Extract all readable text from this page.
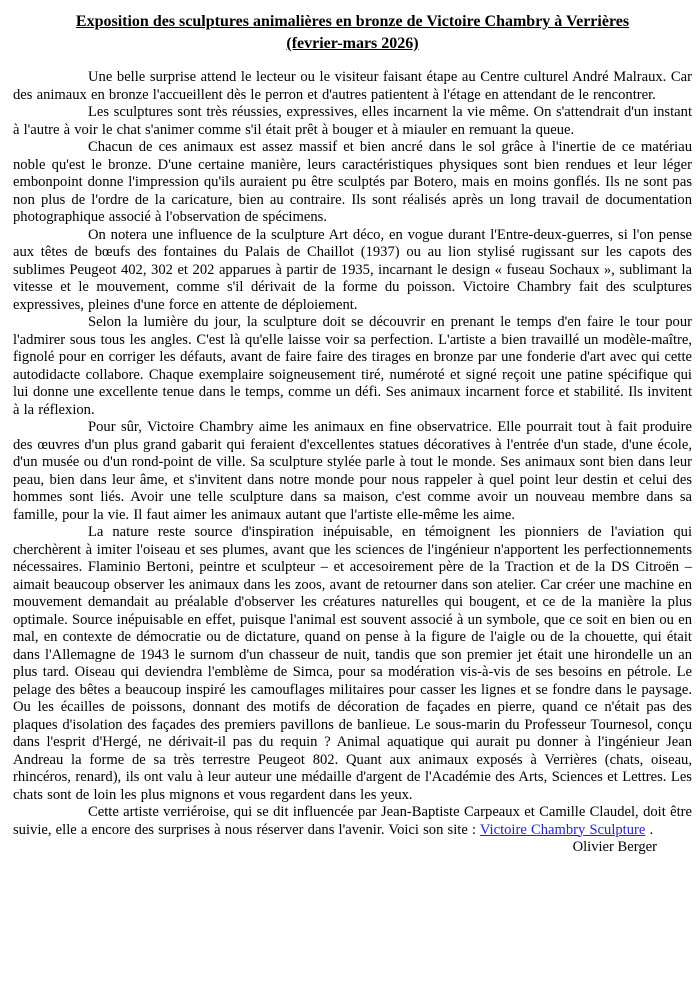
Exposition des sculptures animalières en bronze de Victoire Chambry à Verrières
(fevrier-mars 2026)

Une belle surprise attend le lecteur ou le visiteur faisant étape au Centre culturel André Malraux. Car des animaux en bronze l'accueillent dès le perron et d'autres patientent à l'étage en attendant de le rencontrer.

Les sculptures sont très réussies, expressives, elles incarnent la vie même. On s'attendrait d'un instant à l'autre à voir le chat s'animer comme s'il était prêt à bouger et à miauler en remuant la queue.

Chacun de ces animaux est assez massif et bien ancré dans le sol grâce à l'inertie de ce matériau noble qu'est le bronze. D'une certaine manière, leurs caractéristiques physiques sont bien rendues et leur léger embonpoint donne l'impression qu'ils auraient pu être sculptés par Botero, mais en moins gonflés. Ils ne sont pas non plus de l'ordre de la caricature, bien au contraire. Ils sont réalisés après un long travail de documentation photographique associé à l'observation de spécimens.

On notera une influence de la sculpture Art déco, en vogue durant l'Entre-deux-guerres, si l'on pense aux têtes de bœufs des fontaines du Palais de Chaillot (1937) ou au lion stylisé rugissant sur les capots des sublimes Peugeot 402, 302 et 202 apparues à partir de 1935, incarnant le design « fuseau Sochaux », sublimant la vitesse et le mouvement, comme s'il dérivait de la forme du poisson. Victoire Chambry fait des sculptures expressives, pleines d'une force en attente de déploiement.

Selon la lumière du jour, la sculpture doit se découvrir en prenant le temps d'en faire le tour pour l'admirer sous tous les angles. C'est là qu'elle laisse voir sa perfection. L'artiste a bien travaillé un modèle-maître, fignolé pour en corriger les défauts, avant de faire faire des tirages en bronze par une fonderie d'art avec qui cette autodidacte collabore. Chaque exemplaire soigneusement tiré, numéroté et signé reçoit une patine spécifique qui lui donne une excellente tenue dans le temps, comme un défi. Ses animaux incarnent force et stabilité. Ils invitent à la réflexion.

Pour sûr, Victoire Chambry aime les animaux en fine observatrice. Elle pourrait tout à fait produire des œuvres d'un plus grand gabarit qui feraient d'excellentes statues décoratives à l'entrée d'un stade, d'une école, d'un musée ou d'un rond-point de ville. Sa sculpture stylée parle à tout le monde. Ses animaux sont bien dans leur peau, bien dans leur âme, et s'invitent dans notre monde pour nous rappeler à quel point leur destin et celui des hommes sont liés. Avoir une telle sculpture dans sa maison, c'est comme avoir un nouveau membre dans sa famille, pour la vie. Il faut aimer les animaux autant que l'artiste elle-même les aime.

La nature reste source d'inspiration inépuisable, en témoignent les pionniers de l'aviation qui cherchèrent à imiter l'oiseau et ses plumes, avant que les sciences de l'ingénieur n'apportent les perfectionnements nécessaires. Flaminio Bertoni, peintre et sculpteur – et accesoirement père de la Traction et de la DS Citroën – aimait beaucoup observer les animaux dans les zoos, avant de retourner dans son atelier. Car créer une machine en mouvement demandait au préalable d'observer les créatures naturelles qui bougent, et ce de la manière la plus optimale. Source inépuisable en effet, puisque l'animal est souvent associé à un symbole, que ce soit en bien ou en mal, en contexte de démocratie ou de dictature, quand on pense à la figure de l'aigle ou de la chouette, qui était dans l'Allemagne de 1943 le surnom d'un chasseur de nuit, tandis que son premier jet était une hirondelle un an plus tard. Oiseau qui deviendra l'emblème de Simca, pour sa modération vis-à-vis de ses besoins en pétrole. Le pelage des bêtes a beaucoup inspiré les camouflages militaires pour casser les lignes et se fondre dans le paysage. Ou les écailles de poissons, donnant des motifs de décoration de façades en pierre, quand ce n'était pas des plaques d'isolation des façades des premiers pavillons de banlieue. Le sous-marin du Professeur Tournesol, conçu dans l'esprit d'Hergé, ne dérivait-il pas du requin ? Animal aquatique qui aurait pu donner à l'ingénieur Jean Andreau la forme de sa très terrestre Peugeot 802. Quant aux animaux exposés à Verrières (chats, oiseau, rhincéros, renard), ils ont valu à leur auteur une médaille d'argent de l'Académie des Arts, Sciences et Lettres. Les chats sont de loin les plus mignons et vous regardent dans les yeux.

Cette artiste verriéroise, qui se dit influencée par Jean-Baptiste Carpeaux et Camille Claudel, doit être suivie, elle a encore des surprises à nous réserver dans l'avenir. Voici son site : Victoire Chambry Sculpture .

Olivier Berger
